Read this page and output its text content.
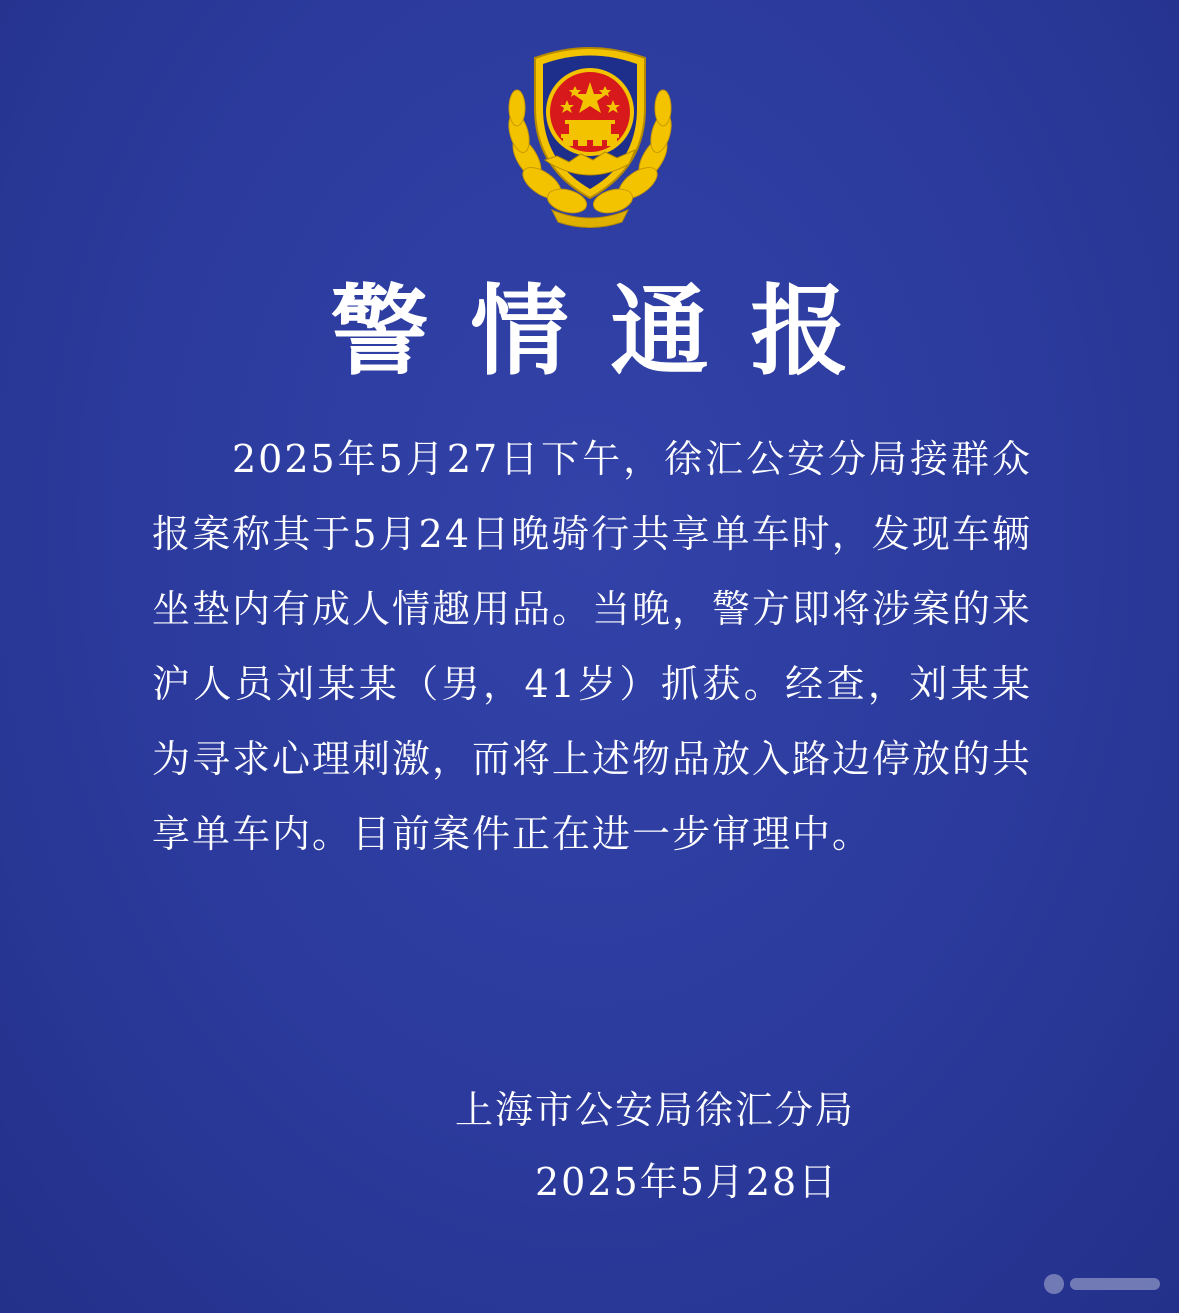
警情通报

2025年5月27日下午，徐汇公安分局接群众报案称其于5月24日晚骑行共享单车时，发现车辆坐垫内有成人情趣用品。当晚，警方即将涉案的来沪人员刘某某（男，41岁）抓获。经查，刘某某为寻求心理刺激，而将上述物品放入路边停放的共享单车内。目前案件正在进一步审理中。

上海市公安局徐汇分局
2025年5月28日
